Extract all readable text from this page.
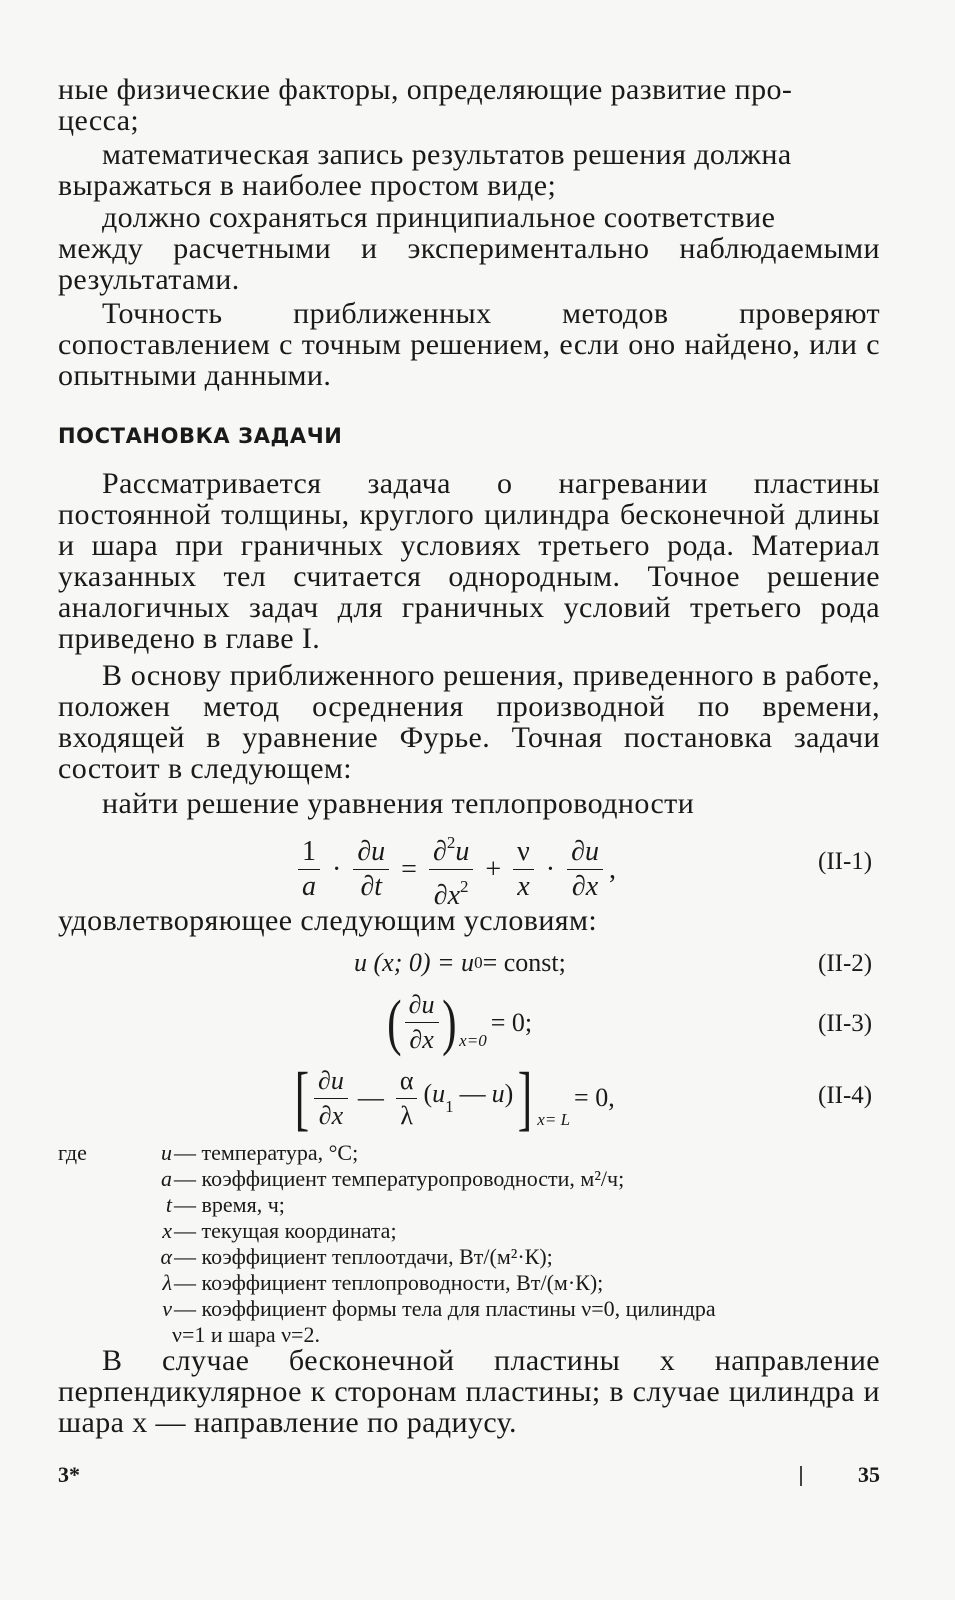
ные физические факторы, определяющие развитие про-
цесса;

математическая запись результатов решения должна
выражаться в наиболее простом виде;

должно сохраняться принципиальное соответствие
между расчетными и экспериментально наблюдаемыми результатами.

Точность приближенных методов проверяют сопоставлением с точным решением, если оно найдено, или с опытными данными.

ПОСТАНОВКА ЗАДАЧИ

Рассматривается задача о нагревании пластины постоянной толщины, круглого цилиндра бесконечной длины и шара при граничных условиях третьего рода. Материал указанных тел считается однородным. Точное решение аналогичных задач для граничных условий третьего рода приведено в главе I.

В основу приближенного решения, приведенного в работе, положен метод осреднения производной по времени, входящей в уравнение Фурье. Точная постановка задачи состоит в следующем:

найти решение уравнения теплопроводности

$\frac{1}{a} \cdot \frac{\partial u}{\partial t} = \frac{\partial^2u}{\partial x^2} + \frac{\nu}{x} \cdot \frac{\partial u}{\partial x}$ ,	(II-1)

удовлетворяющее следующим условиям:

u (x; 0) = u 0 = const;	(II-2)
( $\frac{\partial u}{\partial x}$ ) x=0
= 0;	(II-3)
[ $\frac{\partial u}{\partial x}$ — $\frac{\alpha}{\lambda} (u_1$ — u) ] x= L
= 0,	(II-4)
где	u — температура, °С;
a — коэффициент температуропроводности, м²/ч;
t — время, ч;
x — текущая координата;
α — коэффициент теплоотдачи, Вт/(м²·К);
λ — коэффициент теплопроводности, Вт/(м·К);
ν — коэффициент формы тела для пластины ν=0, цилиндра
ν=1 и шара ν=2.

В случае бесконечной пластины x направление перпендикулярное к сторонам пластины; в случае цилиндра и шара x — направление по радиусу.

3*	35
